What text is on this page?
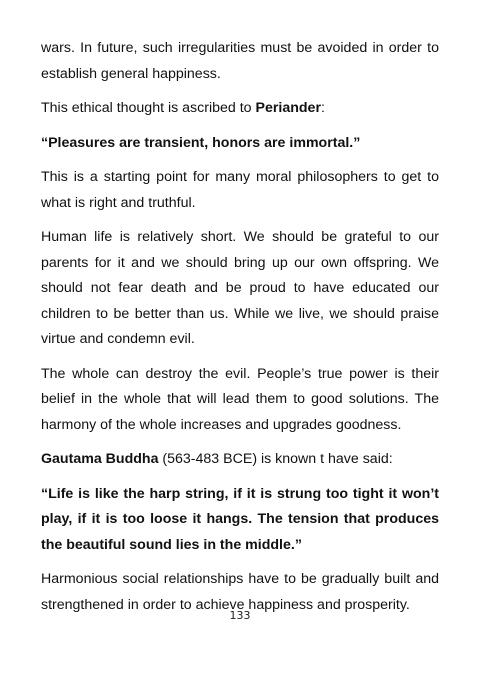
wars. In future, such irregularities must be avoided in order to establish general happiness.

This ethical thought is ascribed to Periander:

“Pleasures are transient, honors are immortal.”

This is a starting point for many moral philosophers to get to what is right and truthful.

Human life is relatively short. We should be grateful to our parents for it and we should bring up our own offspring. We should not fear death and be proud to have educated our children to be better than us. While we live, we should praise virtue and condemn evil.

The whole can destroy the evil. People’s true power is their belief in the whole that will lead them to good solutions. The harmony of the whole increases and upgrades goodness.

Gautama Buddha (563-483 BCE) is known t have said:

“Life is like the harp string, if it is strung too tight it won’t play, if it is too loose it hangs. The tension that produces the beautiful sound lies in the middle.”

Harmonious social relationships have to be gradually built and strengthened in order to achieve happiness and prosperity.

133
